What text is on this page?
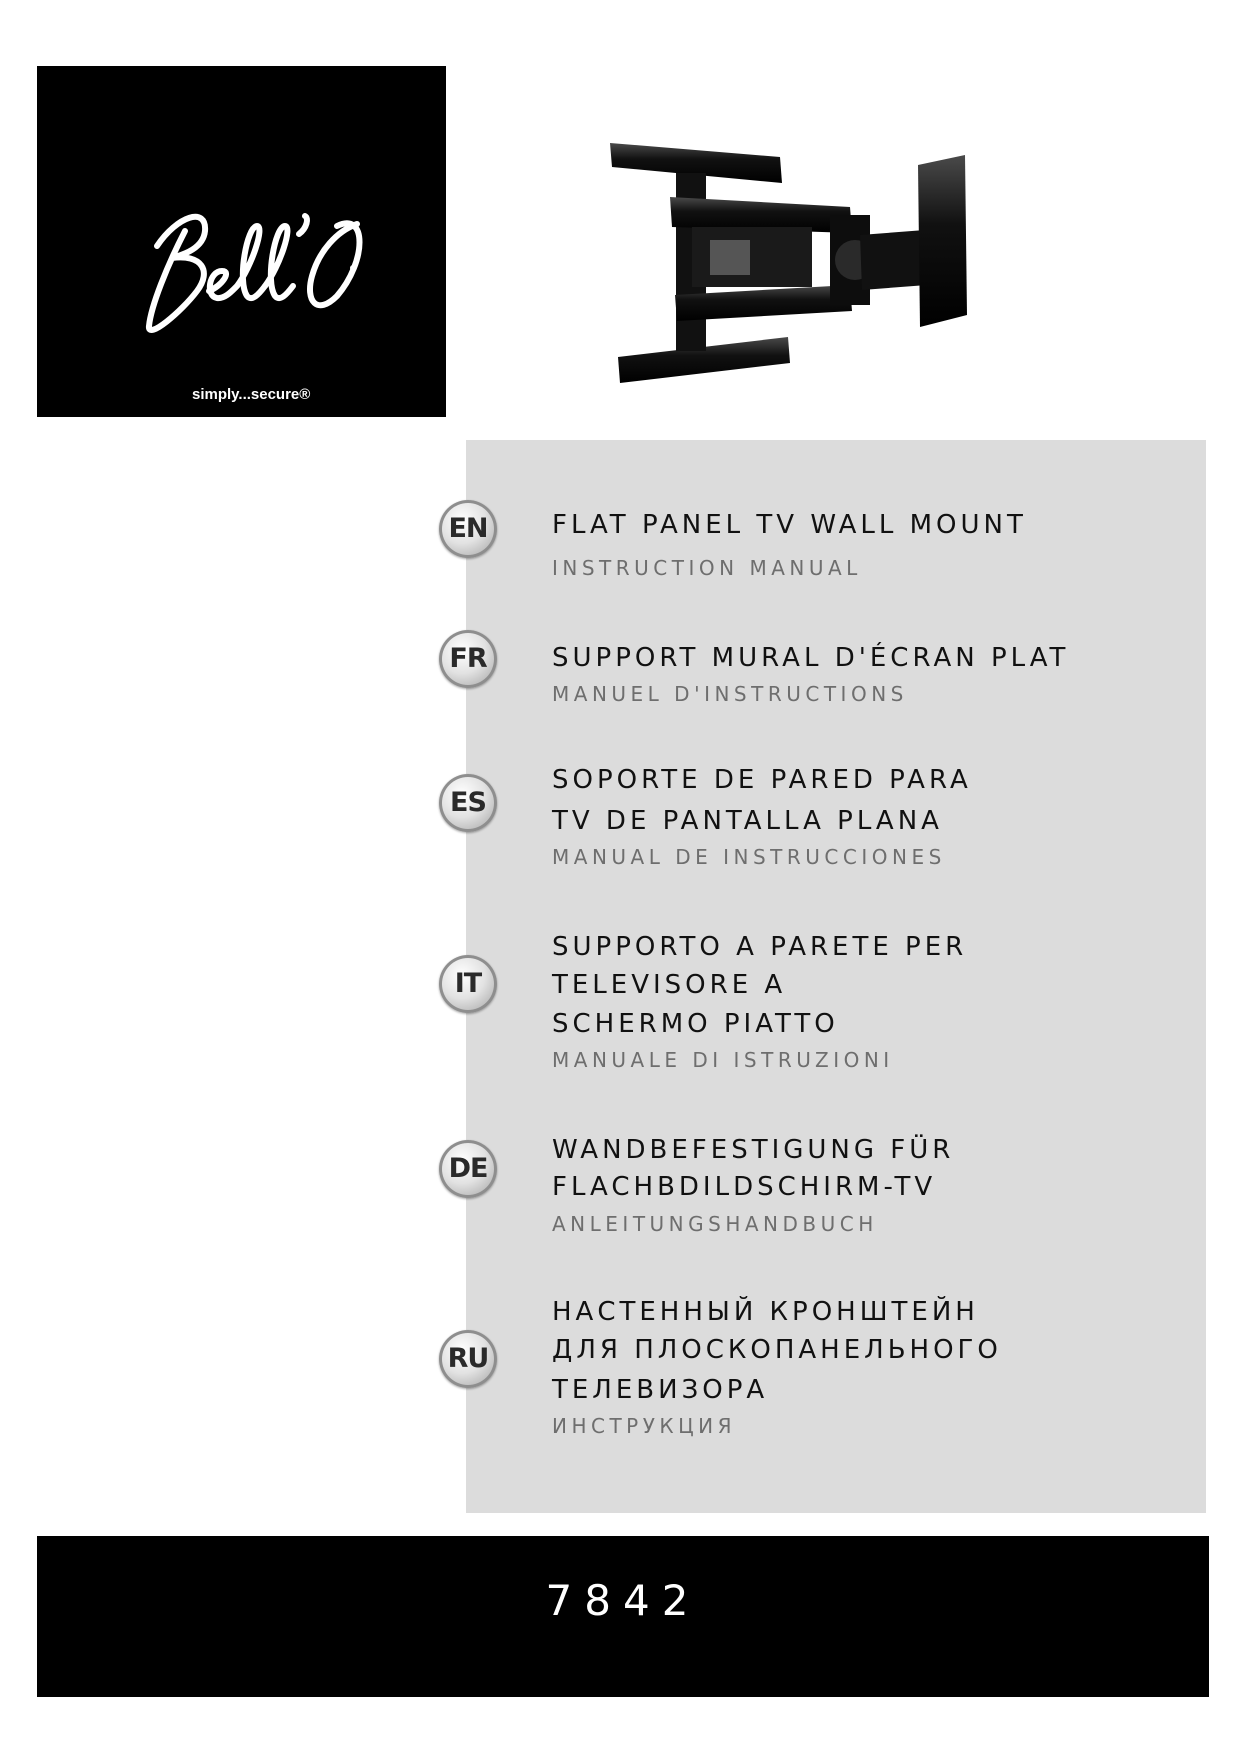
simply...secure®
EN	FLAT PANEL TV WALL MOUNT
INSTRUCTION MANUAL
FR	SUPPORT MURAL D'ÉCRAN PLAT
MANUEL D'INSTRUCTIONS
ES
SOPORTE DE PARED PARA
TV DE PANTALLA PLANA
MANUAL DE INSTRUCCIONES
IT
SUPPORTO A PARETE PER
TELEVISORE A
SCHERMO PIATTO
MANUALE DI ISTRUZIONI
DE
WANDBEFESTIGUNG FÜR
FLACHBDILDSCHIRM-TV
ANLEITUNGSHANDBUCH
RU
НАСТЕННЫЙ КРОНШТЕЙН
ДЛЯ ПЛОСКОПАНЕЛЬНОГО
ТЕЛЕВИЗОРА
ИНСТРУКЦИЯ
7842
